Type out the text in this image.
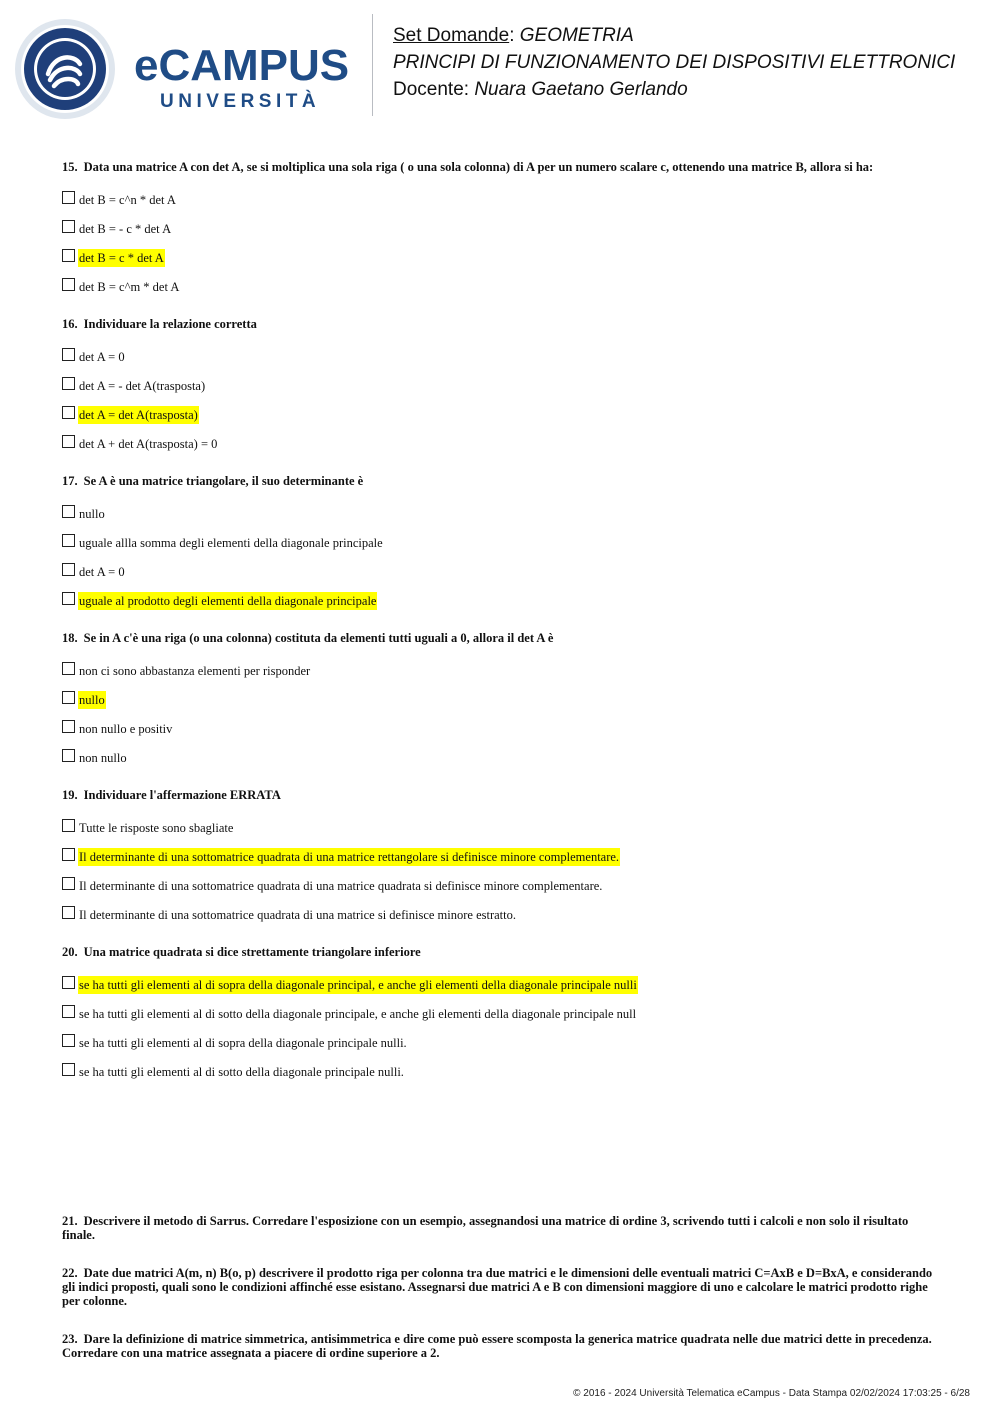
eCAMPUS
UNIVERSITÀ
Set Domande: GEOMETRIA
PRINCIPI DI FUNZIONAMENTO DEI DISPOSITIVI ELETTRONICI
Docente: Nuara Gaetano Gerlando

15. Data una matrice A con det A, se si moltiplica una sola riga ( o una sola colonna) di A per un numero scalare c, ottenendo una matrice B, allora si ha:

det B = c^n * det A
det B = - c * det A
det B = c * det A
det B = c^m * det A

16. Individuare la relazione corretta

det A = 0
det A = - det A(trasposta)
det A = det A(trasposta)
det A + det A(trasposta) = 0

17. Se A è una matrice triangolare, il suo determinante è

nullo
uguale allla somma degli elementi della diagonale principale
det A = 0
uguale al prodotto degli elementi della diagonale principale

18. Se in A c'è una riga (o una colonna) costituta da elementi tutti uguali a 0, allora il det A è

non ci sono abbastanza elementi per risponder
nullo
non nullo e positiv
non nullo

19. Individuare l'affermazione ERRATA

Tutte le risposte sono sbagliate
Il determinante di una sottomatrice quadrata di una matrice rettangolare si definisce minore complementare.
Il determinante di una sottomatrice quadrata di una matrice quadrata si definisce minore complementare.
Il determinante di una sottomatrice quadrata di una matrice si definisce minore estratto.

20. Una matrice quadrata si dice strettamente triangolare inferiore

se ha tutti gli elementi al di sopra della diagonale principal, e anche gli elementi della diagonale principale nulli
se ha tutti gli elementi al di sotto della diagonale principale, e anche gli elementi della diagonale principale null
se ha tutti gli elementi al di sopra della diagonale principale nulli.
se ha tutti gli elementi al di sotto della diagonale principale nulli.

21. Descrivere il metodo di Sarrus. Corredare l'esposizione con un esempio, assegnandosi una matrice di ordine 3, scrivendo tutti i calcoli e non solo il risultato finale.

22. Date due matrici A(m, n) B(o, p) descrivere il prodotto riga per colonna tra due matrici e le dimensioni delle eventuali matrici C=AxB e D=BxA, e considerando gli indici proposti, quali sono le condizioni affinché esse esistano. Assegnarsi due matrici A e B con dimensioni maggiore di uno e calcolare le matrici prodotto righe per colonne.

23. Dare la definizione di matrice simmetrica, antisimmetrica e dire come può essere scomposta la generica matrice quadrata nelle due matrici dette in precedenza. Corredare con una matrice assegnata a piacere di ordine superiore a 2.

© 2016 - 2024 Università Telematica eCampus - Data Stampa 02/02/2024 17:03:25 - 6/28
